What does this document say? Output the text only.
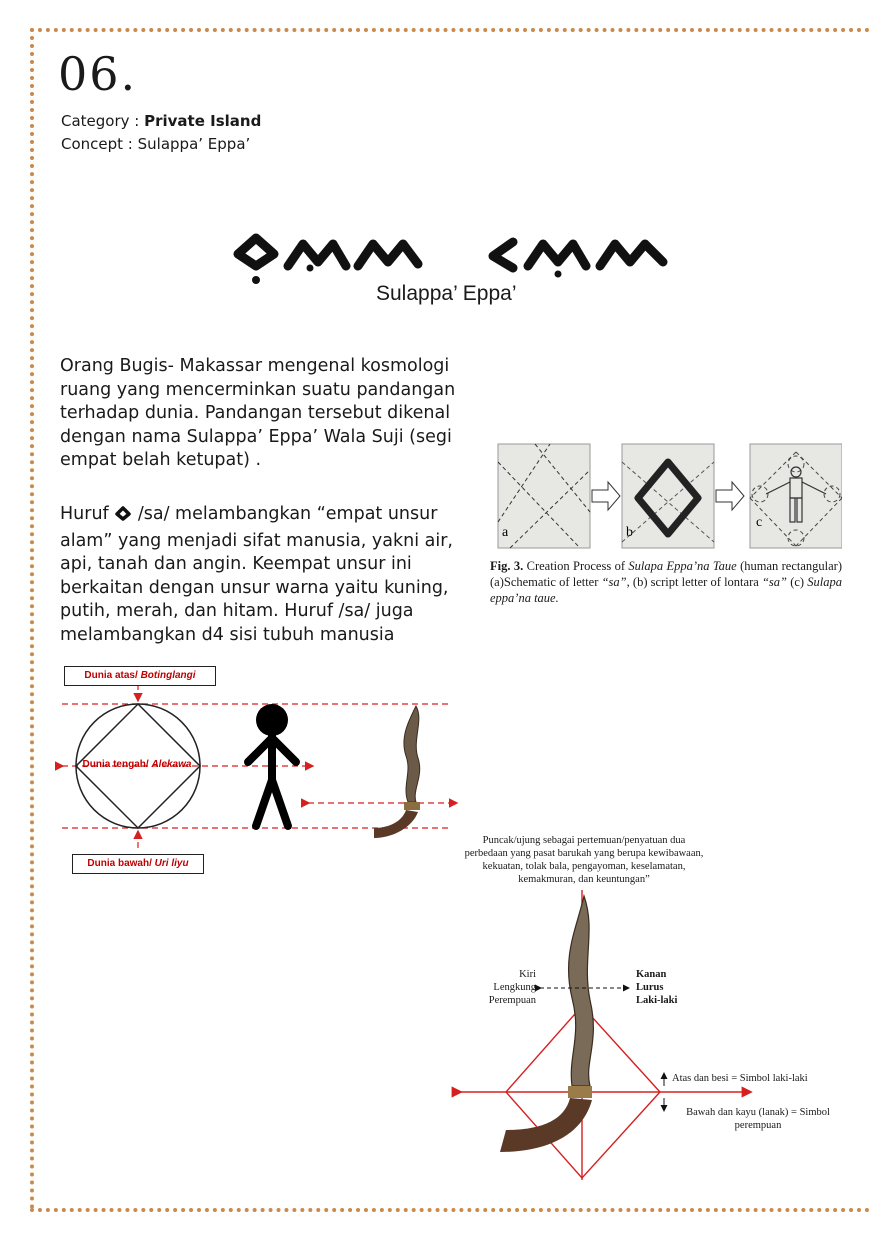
06.
Category : Private Island
Concept : Sulappa’ Eppa’
Sulappa’ Eppa’
Orang Bugis- Makassar mengenal kosmologi ruang yang mencerminkan suatu pandangan terhadap dunia. Pandangan tersebut dikenal dengan nama Sulappa’ Eppa’ Wala Suji (segi empat belah ketupat) .
Huruf  /sa/ melambangkan “empat unsur alam” yang menjadi sifat manusia, yakni air, api, tanah dan angin. Keempat unsur ini berkaitan dengan unsur warna yaitu kuning, putih, merah, dan hitam. Huruf /sa/ juga melambangkan d4 sisi tubuh manusia
a	b
c
Fig. 3. Creation Process of Sulapa Eppa’na Taue (human rectangular) (a)Schematic of letter “sa”, (b) script letter of lontara “sa” (c) Sulapa eppa’na taue.
Dunia atas/ Botinglangi
Dunia tengah/ Alekawa
Dunia bawah/ Uri liyu
Puncak/ujung sebagai pertemuan/penyatuan dua perbedaan yang pasat barukah yang berupa kewibawaan, kekuatan, tolak bala, pengayoman, keselamatan, kemakmuran, dan keuntungan”
Kiri
Lengkung
Perempuan
Kanan
Lurus
Laki-laki
Atas dan besi = Simbol laki-laki
Bawah dan kayu (lanak) = Simbol perempuan
